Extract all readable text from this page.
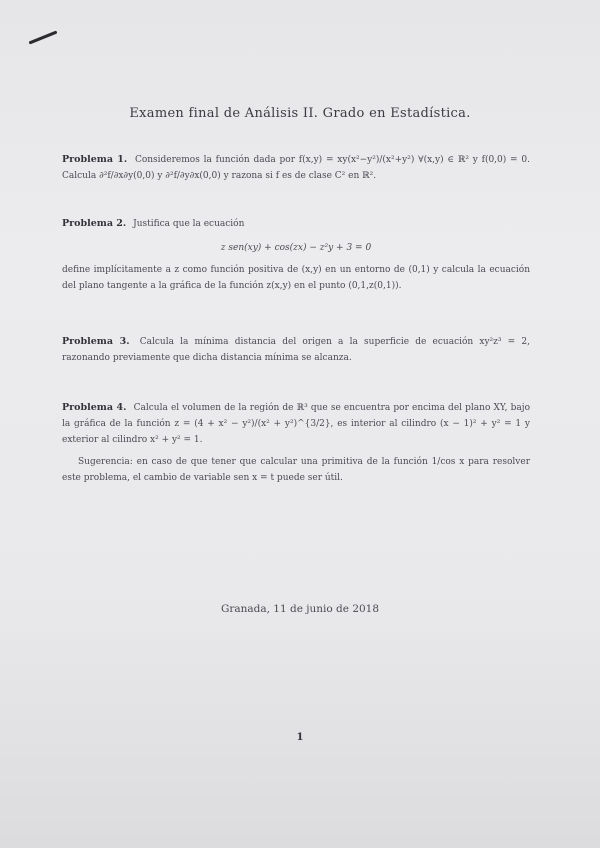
Examen final de Análisis II. Grado en Estadística.
Problema 1. Consideremos la función dada por f(x,y) = xy(x²−y²)/(x²+y²) ∀(x,y) ∈ ℝ² y f(0,0) = 0. Calcula ∂²f/∂x∂y(0,0) y ∂²f/∂y∂x(0,0) y razona si f es de clase C² en ℝ².
Problema 2. Justifica que la ecuación
z sen(xy) + cos(zx) − z²y + 3 = 0
define implícitamente a z como función positiva de (x,y) en un entorno de (0,1) y calcula la ecuación del plano tangente a la gráfica de la función z(x,y) en el punto (0,1,z(0,1)).
Problema 3. Calcula la mínima distancia del origen a la superficie de ecuación xy²z³ = 2, razonando previamente que dicha distancia mínima se alcanza.
Problema 4. Calcula el volumen de la región de ℝ³ que se encuentra por encima del plano XY, bajo la gráfica de la función z = (4 + x² − y²)/(x² + y²)^{3/2}, es interior al cilindro (x − 1)² + y² = 1 y exterior al cilindro x² + y² = 1.
Sugerencia: en caso de que tener que calcular una primitiva de la función 1/cos x para resolver este problema, el cambio de variable sen x = t puede ser útil.
Granada, 11 de junio de 2018
1
